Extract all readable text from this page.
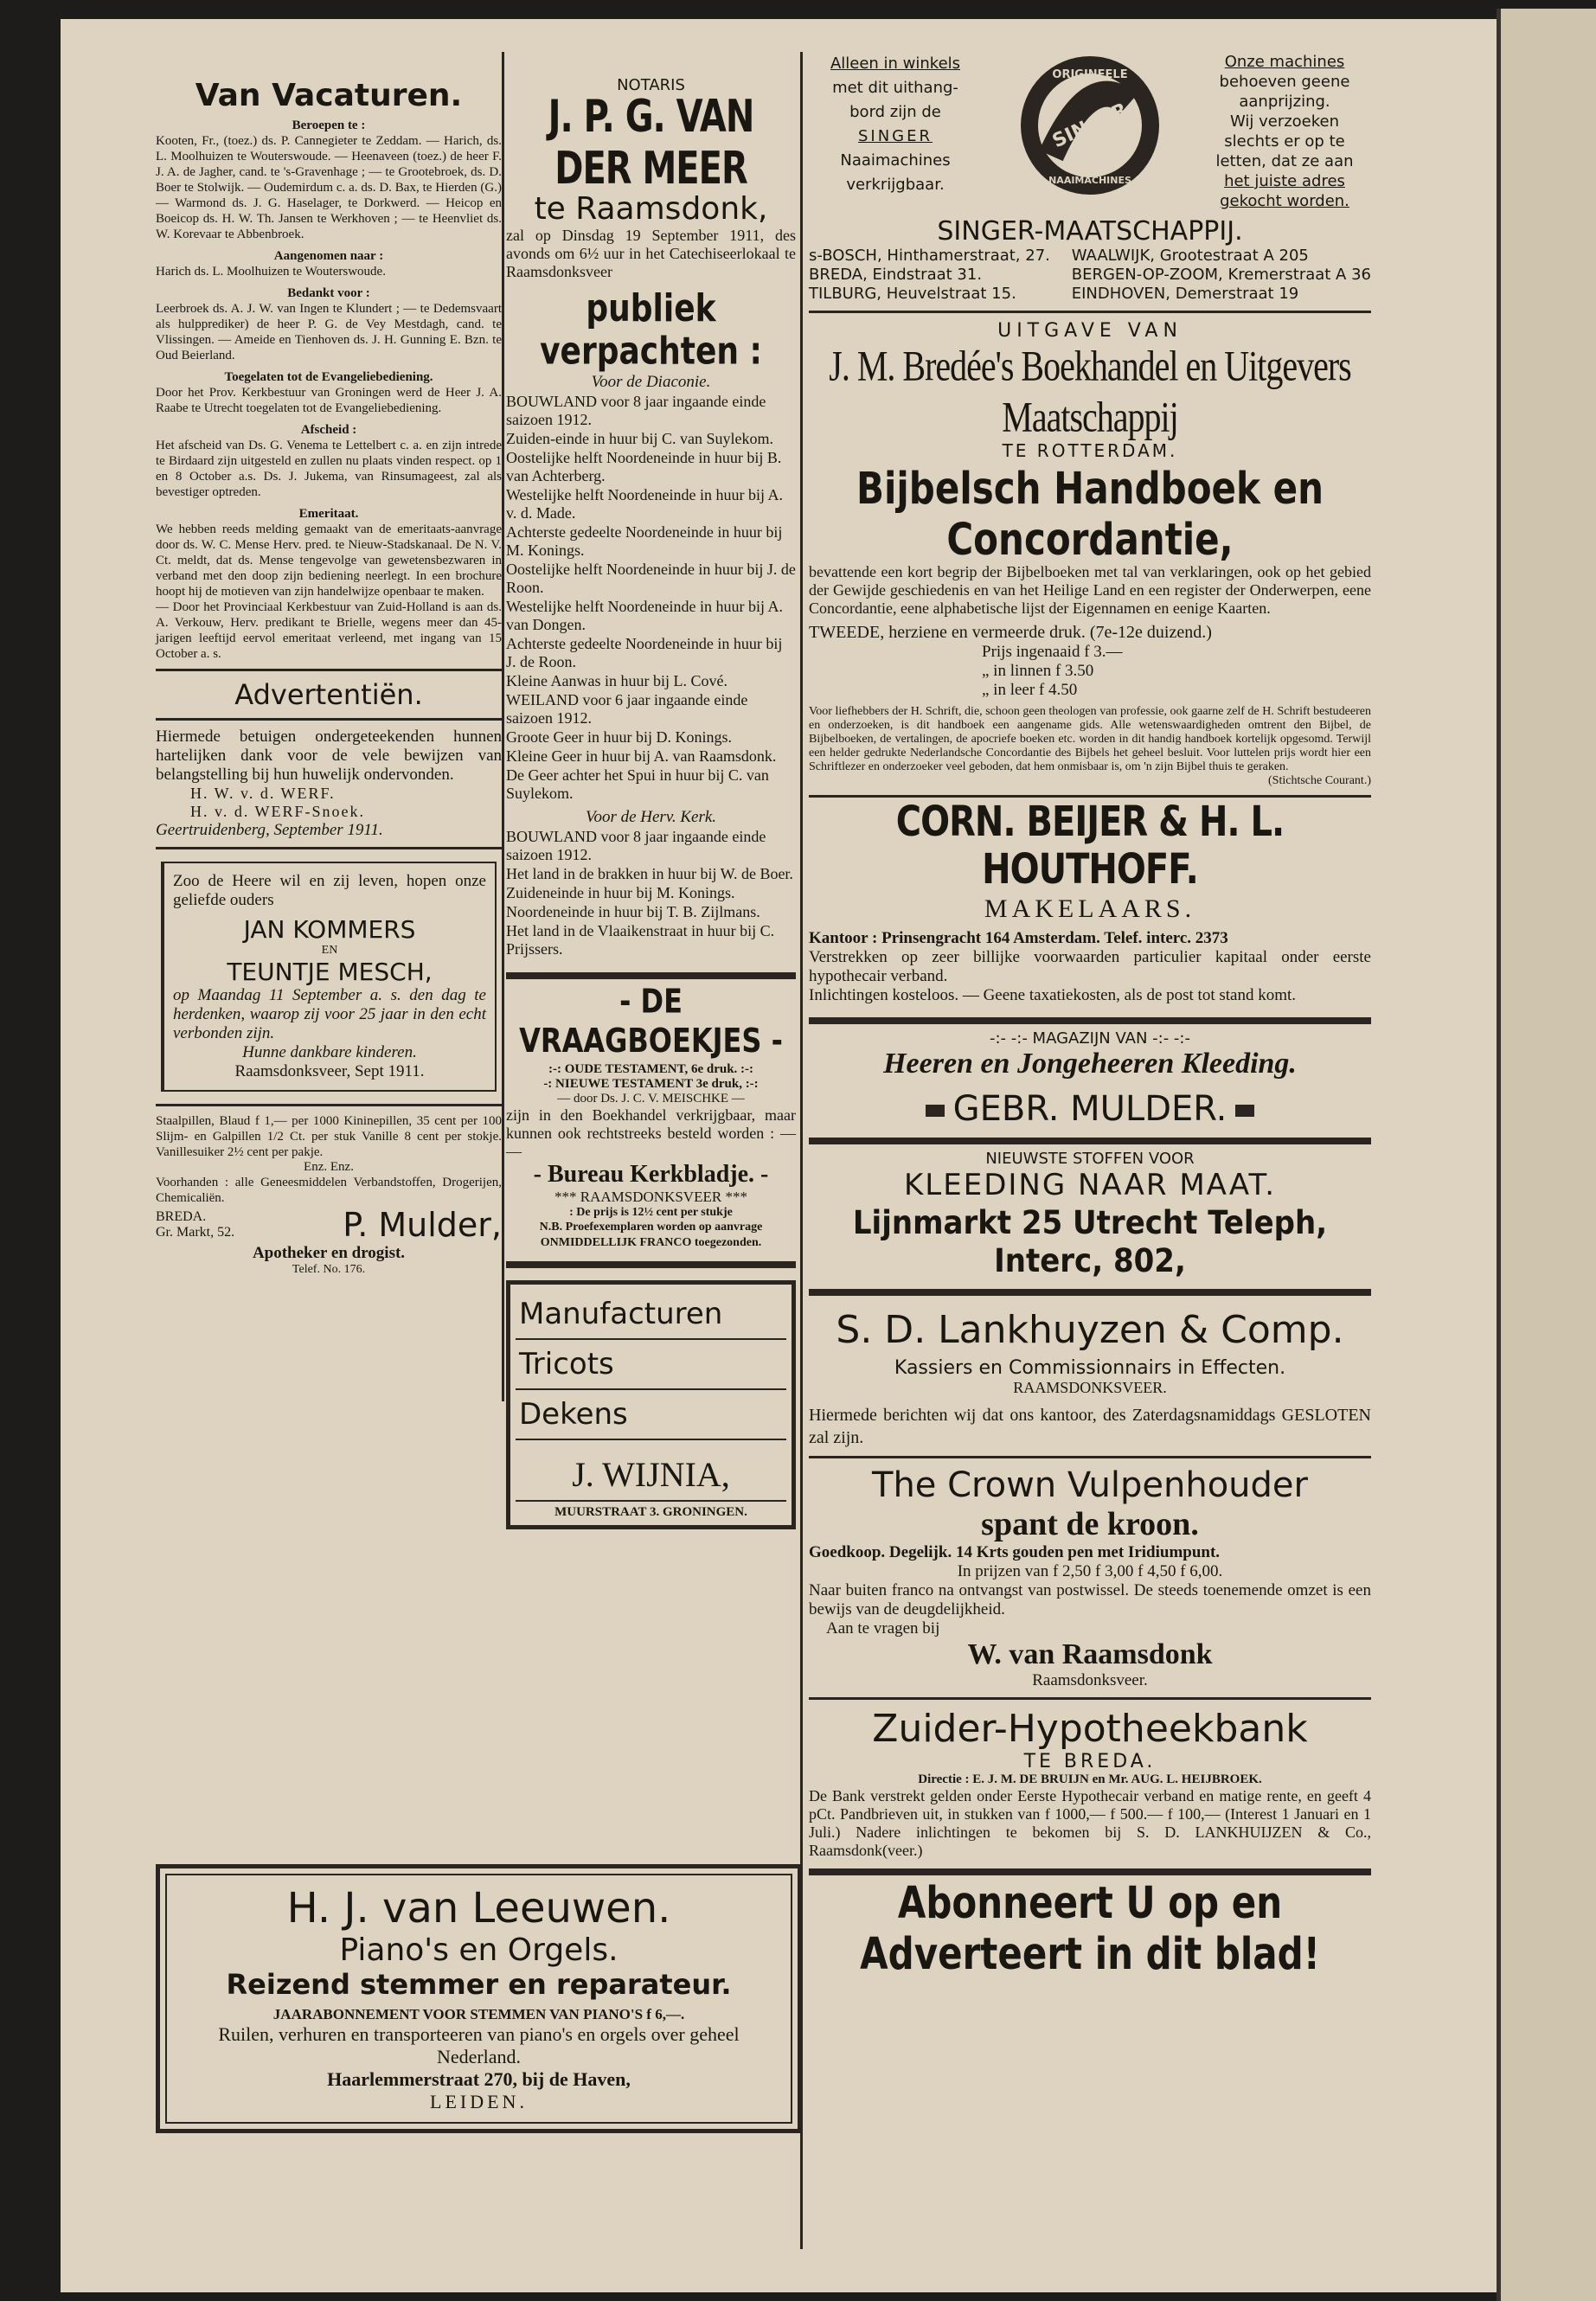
Van Vacaturen.
Beroepen te :

Kooten, Fr., (toez.) ds. P. Cannegieter te Zeddam. — Harich, ds. L. Moolhuizen te Wouterswoude. — Heenaveen (toez.) de heer F. J. A. de Jagher, cand. te 's-Gravenhage ; — te Grootebroek, ds. D. Boer te Stolwijk. — Oudemirdum c. a. ds. D. Bax, te Hierden (G.) — Warmond ds. J. G. Haselager, te Dorkwerd. — Heicop en Boeicop ds. H. W. Th. Jansen te Werkhoven ; — te Heenvliet ds. W. Korevaar te Abbenbroek.

Aangenomen naar :

Harich ds. L. Moolhuizen te Wouterswoude.

Bedankt voor :

Leerbroek ds. A. J. W. van Ingen te Klundert ; — te Dedemsvaart als hulpprediker) de heer P. G. de Vey Mestdagh, cand. te Vlissingen. — Ameide en Tienhoven ds. J. H. Gunning E. Bzn. te Oud Beierland.

Toegelaten tot de Evangeliebediening.

Door het Prov. Kerkbestuur van Groningen werd de Heer J. A. Raabe te Utrecht toegelaten tot de Evangeliebediening.

Afscheid :

Het afscheid van Ds. G. Venema te Lettelbert c. a. en zijn intrede te Birdaard zijn uitgesteld en zullen nu plaats vinden respect. op 1 en 8 October a.s. Ds. J. Jukema, van Rinsumageest, zal als bevestiger optreden.

Emeritaat.

We hebben reeds melding gemaakt van de emeritaats-aanvrage door ds. W. C. Mense Herv. pred. te Nieuw-Stadskanaal. De N. V. Ct. meldt, dat ds. Mense tengevolge van gewetensbezwaren in verband met den doop zijn bediening neerlegt. In een brochure hoopt hij de motieven van zijn handelwijze openbaar te maken.

— Door het Provinciaal Kerkbestuur van Zuid-Holland is aan ds. A. Verkouw, Herv. predikant te Brielle, wegens meer dan 45-jarigen leeftijd eervol emeritaat verleend, met ingang van 15 October a. s.

Advertentiën.

Hiermede betuigen ondergeteekenden hunnen hartelijken dank voor de vele bewijzen van belangstelling bij hun huwelijk ondervonden.

H. W. v. d. WERF.
H. v. d. WERF-Snoek.
Geertruidenberg, September 1911.

Zoo de Heere wil en zij leven, hopen onze geliefde ouders

JAN KOMMERS
EN
TEUNTJE MESCH,

op Maandag 11 September a. s. den dag te herdenken, waarop zij voor 25 jaar in den echt verbonden zijn.

Hunne dankbare kinderen.
Raamsdonksveer, Sept 1911.

Staalpillen, Blaud f 1,— per 1000 Kininepillen, 35 cent per 100 Slijm- en Galpillen 1/2 Ct. per stuk Vanille 8 cent per stokje. Vanillesuiker 2½ cent per pakje.

Enz. Enz.

Voorhanden : alle Geneesmiddelen Verbandstoffen, Drogerijen, Chemicaliën.

BREDA.
Gr. Markt, 52.	P. Mulder,
Apotheker en drogist.
Telef. No. 176.
NOTARIS
J. P. G. VAN DER MEER
te Raamsdonk,

zal op Dinsdag 19 September 1911, des avonds om 6½ uur in het Catechiseerlokaal te Raamsdonksveer

publiek verpachten :
Voor de Diaconie.
BOUWLAND voor 8 jaar ingaande einde saizoen 1912.
Zuiden-einde in huur bij C. van Suylekom.
Oostelijke helft Noordeneinde in huur bij B. van Achterberg.
Westelijke helft Noordeneinde in huur bij A. v. d. Made.
Achterste gedeelte Noordeneinde in huur bij M. Konings.
Oostelijke helft Noordeneinde in huur bij J. de Roon.
Westelijke helft Noordeneinde in huur bij A. van Dongen.
Achterste gedeelte Noordeneinde in huur bij J. de Roon.
Kleine Aanwas in huur bij L. Cové.
WEILAND voor 6 jaar ingaande einde saizoen 1912.
Groote Geer in huur bij D. Konings.
Kleine Geer in huur bij A. van Raamsdonk.
De Geer achter het Spui in huur bij C. van Suylekom.
Voor de Herv. Kerk.
BOUWLAND voor 8 jaar ingaande einde saizoen 1912.
Het land in de brakken in huur bij W. de Boer.
Zuideneinde in huur bij M. Konings.
Noordeneinde in huur bij T. B. Zijlmans.
Het land in de Vlaaikenstraat in huur bij C. Prijssers.
- DE VRAAGBOEKJES -
:-: OUDE TESTAMENT, 6e druk. :-:
-: NIEUWE TESTAMENT 3e druk, :-:
— door Ds. J. C. V. MEISCHKE —

zijn in den Boekhandel verkrijgbaar, maar kunnen ook rechtstreeks besteld worden : — —

- Bureau Kerkbladje. -
*** RAAMSDONKSVEER ***
: De prijs is 12½ cent per stukje

N.B. Proefexemplaren worden op aanvrage ONMIDDELLIJK FRANCO toegezonden.

Manufacturen
Tricots
Dekens
J. WIJNIA,
MUURSTRAAT 3. GRONINGEN.
Alleen in winkels
met dit uithang-
bord zijn de
SINGER
Naaimachines
verkrijgbaar.
ORIGINEELE
SINGER
NAAIMACHINES
Onze machines
behoeven geene
aanprijzing.
Wij verzoeken
slechts er op te
letten, dat ze aan
het juiste adres
gekocht worden.
SINGER-MAATSCHAPPIJ.
s-BOSCH, Hinthamerstraat, 27.
BREDA, Eindstraat 31.
TILBURG, Heuvelstraat 15.
WAALWIJK, Grootestraat A 205
BERGEN-OP-ZOOM, Kremerstraat A 36
EINDHOVEN, Demerstraat 19
UITGAVE VAN
J. M. Bredée's Boekhandel en Uitgevers Maatschappij
TE ROTTERDAM.
Bijbelsch Handboek en Concordantie,

bevattende een kort begrip der Bijbelboeken met tal van verklaringen, ook op het gebied der Gewijde geschiedenis en van het Heilige Land en een register der Onderwerpen, eene Concordantie, eene alphabetische lijst der Eigennamen en eenige Kaarten.

TWEEDE, herziene en vermeerde druk. (7e-12e duizend.)
Prijs ingenaaid f 3.—
„ in linnen f 3.50
„ in leer f 4.50

Voor liefhebbers der H. Schrift, die, schoon geen theologen van professie, ook gaarne zelf de H. Schrift bestudeeren en onderzoeken, is dit handboek een aangename gids. Alle wetenswaardigheden omtrent den Bijbel, de Bijbelboeken, de vertalingen, de apocriefe boeken etc. worden in dit handig handboek kortelijk opgesomd. Terwijl een helder gedrukte Nederlandsche Concordantie des Bijbels het geheel besluit. Voor luttelen prijs wordt hier een Schriftlezer en onderzoeker veel geboden, dat hem onmisbaar is, om 'n zijn Bijbel thuis te geraken.

(Stichtsche Courant.)
CORN. BEIJER & H. L. HOUTHOFF.
MAKELAARS.
Kantoor : Prinsengracht 164 Amsterdam. Telef. interc. 2373

Verstrekken op zeer billijke voorwaarden particulier kapitaal onder eerste hypothecair verband.

Inlichtingen kosteloos. — Geene taxatiekosten, als de post tot stand komt.

-:- -:- MAGAZIJN VAN -:- -:-
Heeren en Jongeheeren Kleeding.
GEBR. MULDER.
NIEUWSTE STOFFEN VOOR
KLEEDING NAAR MAAT.
Lijnmarkt 25 Utrecht Teleph, Interc, 802,
S. D. Lankhuyzen & Comp.
Kassiers en Commissionnairs in Effecten.
RAAMSDONKSVEER.

Hiermede berichten wij dat ons kantoor, des Zaterdagsnamiddags GESLOTEN zal zijn.

The Crown Vulpenhouder
spant de kroon.
Goedkoop. Degelijk. 14 Krts gouden pen met Iridiumpunt.
In prijzen van f 2,50 f 3,00 f 4,50 f 6,00.

Naar buiten franco na ontvangst van postwissel. De steeds toenemende omzet is een bewijs van de deugdelijkheid.

Aan te vragen bij
W. van Raamsdonk
Raamsdonksveer.
Zuider-Hypotheekbank
TE BREDA.
Directie : E. J. M. DE BRUIJN en Mr. AUG. L. HEIJBROEK.

De Bank verstrekt gelden onder Eerste Hypothecair verband en matige rente, en geeft 4 pCt. Pandbrieven uit, in stukken van f 1000,— f 500.— f 100,— (Interest 1 Januari en 1 Juli.) Nadere inlichtingen te bekomen bij S. D. LANKHUIJZEN & Co., Raamsdonk(veer.)

Abonneert U op en Adverteert in dit blad!
H. J. van Leeuwen.
Piano's en Orgels.
Reizend stemmer en reparateur.
JAARABONNEMENT VOOR STEMMEN VAN PIANO'S f 6,—.

Ruilen, verhuren en transporteeren van piano's en orgels over geheel Nederland.

Haarlemmerstraat 270, bij de Haven,
LEIDEN.
